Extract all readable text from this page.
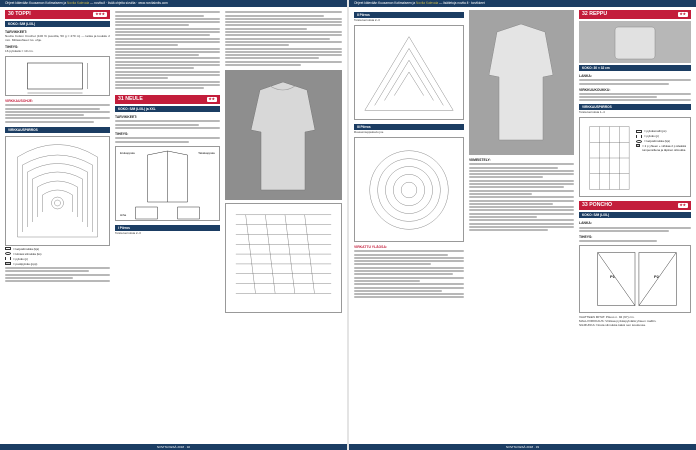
Ohjeet kätevään Kuusamon Kotimaiseen ja Novita Kalevala — novita.fi · lisää ohjeita sivuilta · www.novitaknits.com
30 TOPPI	★★★
KOKO: S/M (L/XL)
TARVIKKEET:
Novita Cotton Crochet (100 % puuvilla, 50 g = 270 m) — lanka ja koukku 2 mm. Mittasuhteet: ks. ohje.
TIHEYS:
16 pylvästä = 10 cm.
VIRKKAUSOHJE:
VIRKKAUSPIIRROS
= ketjusilmukka (kjs)
= kiinteä silmukka (ks)
= pylväs (p)
= puolipylväs (ppp)
31 NEULE	★★
KOKO: S/M (L/XL) ja XXL
TARVIKKEET:
TIHEYS:
Etukappale	Takakappale
Hiha
I Piirros
Toista kerroksia 2–3
NOVITA KESÄ 2018 · 32
Ohjeet kätevään Kuusamon Kotimaiseen ja Novita Kalevala — lisätietoja novita.fi · tarvikkeet
II Piirros
Toista kerroksia 2–3
III Piirros
Ruusunnuppukuvio jne
VIRKATTU YLÄOSA:
VIIMEISTELY:
32 REPPU	★★
KOKO: 30 × 32 cm
LANKA:
VIRKKUUKOUKKU:
VIRKKAUSPIIRROS
Toista kerroksia 1–4
= pylväsmalli (ps)
= pylväs (p)
= ketjusilmukka (kjs)
= 2 p yhteen + virkkaa 2 p sileästä tumpensiltena ja läpinen silmukka
33 PONCHO	★★
KOKO: S/M (L/XL)
LANKA:
TIHEYS:
P1	P2
VAATTEEN MITAT: Pituus n. 92 (97) cm.
MALLIVIRKKAUS: Virkkaa pylväspylväitä yhteen malliin.
SILMUKKA: Nosta silmukka kaksi sen koukussa.
NOVITA KESÄ 2018 · 33
